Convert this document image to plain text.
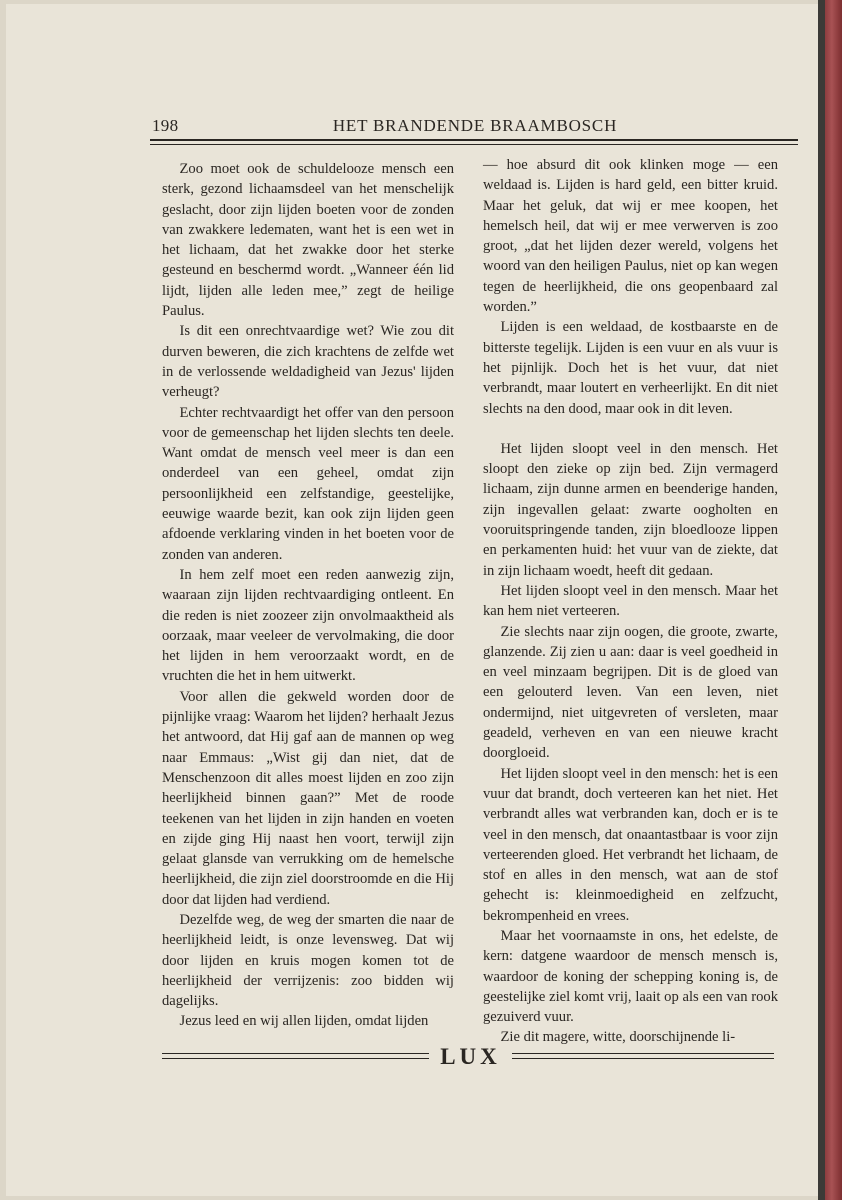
198	HET BRANDENDE BRAAMBOSCH

Zoo moet ook de schuldelooze mensch een sterk, gezond lichaamsdeel van het menschelijk geslacht, door zijn lijden boeten voor de zonden van zwakkere ledematen, want het is een wet in het lichaam, dat het zwakke door het sterke gesteund en beschermd wordt. „Wanneer één lid lijdt, lijden alle leden mee,” zegt de heilige Paulus.

Is dit een onrechtvaardige wet? Wie zou dit durven beweren, die zich krachtens de zelfde wet in de verlossende weldadigheid van Jezus' lijden verheugt?

Echter rechtvaardigt het offer van den persoon voor de gemeenschap het lijden slechts ten deele. Want omdat de mensch veel meer is dan een onderdeel van een geheel, omdat zijn persoonlijkheid een zelfstandige, geestelijke, eeuwige waarde bezit, kan ook zijn lijden geen afdoende verklaring vinden in het boeten voor de zonden van anderen.

In hem zelf moet een reden aanwezig zijn, waaraan zijn lijden rechtvaardiging ontleent. En die reden is niet zoozeer zijn onvolmaaktheid als oorzaak, maar veeleer de vervolmaking, die door het lijden in hem veroorzaakt wordt, en de vruchten die het in hem uitwerkt.

Voor allen die gekweld worden door de pijnlijke vraag: Waarom het lijden? herhaalt Jezus het antwoord, dat Hij gaf aan de mannen op weg naar Emmaus: „Wist gij dan niet, dat de Menschenzoon dit alles moest lijden en zoo zijn heerlijkheid binnen gaan?” Met de roode teekenen van het lijden in zijn handen en voeten en zijde ging Hij naast hen voort, terwijl zijn gelaat glansde van verrukking om de hemelsche heerlijkheid, die zijn ziel doorstroomde en die Hij door dat lijden had verdiend.

Dezelfde weg, de weg der smarten die naar de heerlijkheid leidt, is onze levensweg. Dat wij door lijden en kruis mogen komen tot de heerlijkheid der verrijzenis: zoo bidden wij dagelijks.

Jezus leed en wij allen lijden, omdat lijden

— hoe absurd dit ook klinken moge — een weldaad is. Lijden is hard geld, een bitter kruid. Maar het geluk, dat wij er mee koopen, het hemelsch heil, dat wij er mee verwerven is zoo groot, „dat het lijden dezer wereld, volgens het woord van den heiligen Paulus, niet op kan wegen tegen de heerlijkheid, die ons geopenbaard zal worden.”

Lijden is een weldaad, de kostbaarste en de bitterste tegelijk. Lijden is een vuur en als vuur is het pijnlijk. Doch het is het vuur, dat niet verbrandt, maar loutert en verheerlijkt. En dit niet slechts na den dood, maar ook in dit leven.

Het lijden sloopt veel in den mensch. Het sloopt den zieke op zijn bed. Zijn vermagerd lichaam, zijn dunne armen en beenderige handen, zijn ingevallen gelaat: zwarte oogholten en vooruitspringende tanden, zijn bloedlooze lippen en perkamenten huid: het vuur van de ziekte, dat in zijn lichaam woedt, heeft dit gedaan.

Het lijden sloopt veel in den mensch. Maar het kan hem niet verteeren.

Zie slechts naar zijn oogen, die groote, zwarte, glanzende. Zij zien u aan: daar is veel goedheid in en veel minzaam begrijpen. Dit is de gloed van een gelouterd leven. Van een leven, niet ondermijnd, niet uitgevreten of versleten, maar geadeld, verheven en van een nieuwe kracht doorgloeid.

Het lijden sloopt veel in den mensch: het is een vuur dat brandt, doch verteeren kan het niet. Het verbrandt alles wat verbranden kan, doch er is te veel in den mensch, dat onaantastbaar is voor zijn verteerenden gloed. Het verbrandt het lichaam, de stof en alles in den mensch, wat aan de stof gehecht is: kleinmoedigheid en zelfzucht, bekrompenheid en vrees.

Maar het voornaamste in ons, het edelste, de kern: datgene waardoor de mensch mensch is, waardoor de koning der schepping koning is, de geestelijke ziel komt vrij, laait op als een van rook gezuiverd vuur.

Zie dit magere, witte, doorschijnende li-

LUX
